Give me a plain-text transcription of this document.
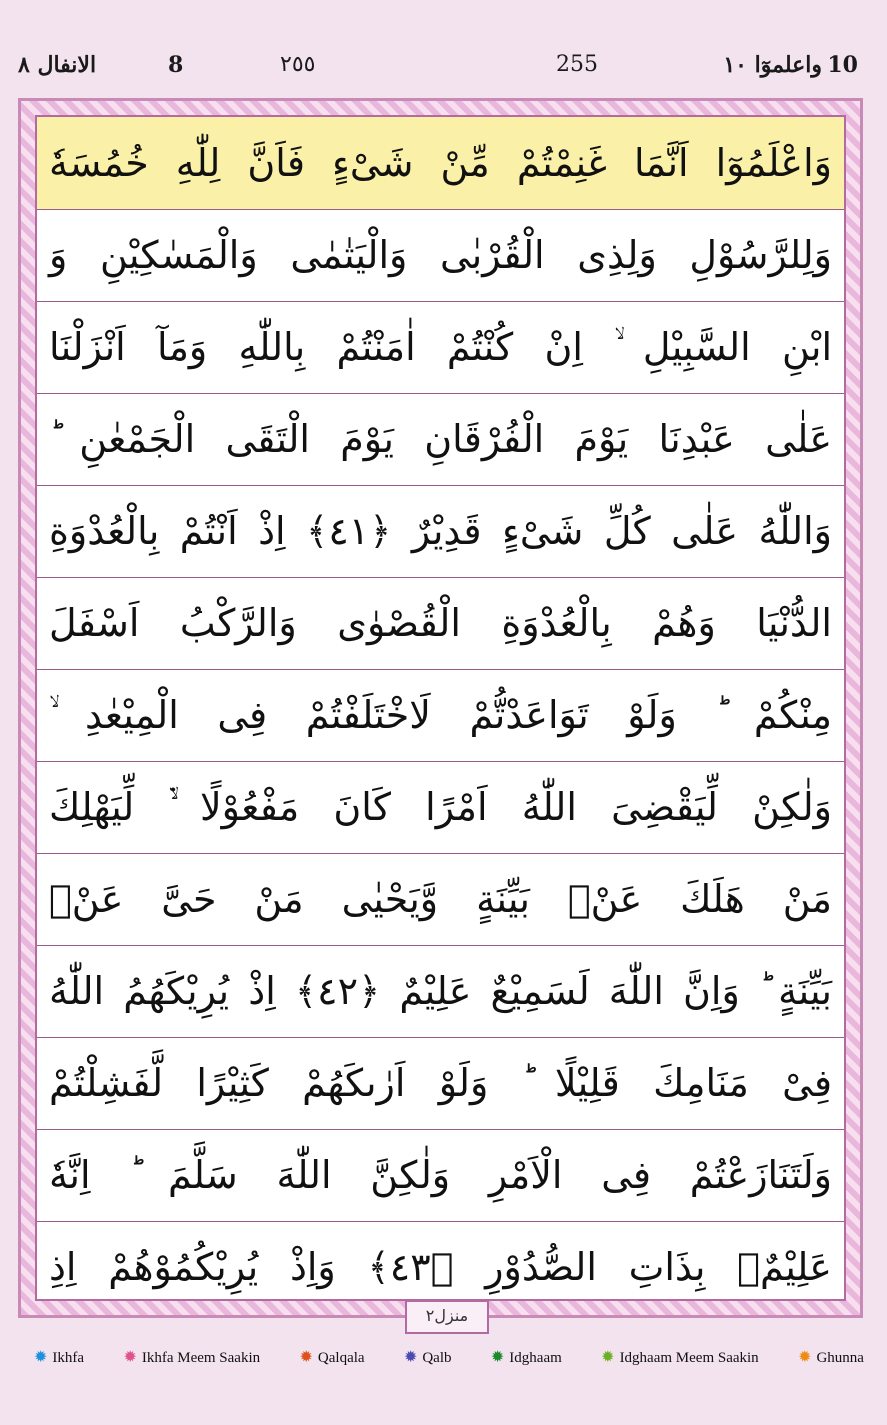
الانفال ٨	8	٢٥٥	255	واعلموٓا ١٠ 10
وَاعْلَمُوٓا اَنَّمَا غَنِمْتُمْ مِّنْ شَیْءٍ فَاَنَّ لِلّٰهِ خُمُسَهٗ
وَلِلرَّسُوْلِ وَلِذِی الْقُرْبٰی وَالْیَتٰمٰی وَالْمَسٰكِیْنِ وَ
ابْنِ السَّبِیْلِ ۙ اِنْ كُنْتُمْ اٰمَنْتُمْ بِاللّٰهِ وَمَآ اَنْزَلْنَا
عَلٰی عَبْدِنَا یَوْمَ الْفُرْقَانِ یَوْمَ الْتَقَی الْجَمْعٰنِ ؕ
وَاللّٰهُ عَلٰی كُلِّ شَیْءٍ قَدِیْرٌ ﴿٤١﴾ اِذْ اَنْتُمْ بِالْعُدْوَةِ
الدُّنْیَا وَهُمْ بِالْعُدْوَةِ الْقُصْوٰی وَالرَّكْبُ اَسْفَلَ
مِنْكُمْ ؕ وَلَوْ تَوَاعَدْتُّمْ لَاخْتَلَفْتُمْ فِی الْمِیْعٰدِ ۙ
وَلٰكِنْ لِّیَقْضِیَ اللّٰهُ اَمْرًا كَانَ مَفْعُوْلًا ۙ۬ لِّیَهْلِكَ
مَنْ هَلَكَ عَنْۢ بَیِّنَةٍ وَّیَحْیٰی مَنْ حَیَّ عَنْۢ
بَیِّنَةٍ ؕ وَاِنَّ اللّٰهَ لَسَمِیْعٌ عَلِیْمٌ ﴿٤٢﴾ اِذْ یُرِیْكَهُمُ اللّٰهُ
فِیْ مَنَامِكَ قَلِیْلًا ؕ وَلَوْ اَرٰىكَهُمْ كَثِیْرًا لَّفَشِلْتُمْ
وَلَتَنَازَعْتُمْ فِی الْاَمْرِ وَلٰكِنَّ اللّٰهَ سَلَّمَ ؕ اِنَّهٗ
عَلِیْمٌۢ بِذَاتِ الصُّدُوْرِ ﴿٤٣﴾ وَاِذْ یُرِیْكُمُوْهُمْ اِذِ
منزل٢
✹ Ikhfa ✹ Ikhfa Meem Saakin ✹ Qalqala ✹ Qalb ✹ Idghaam ✹ Idghaam Meem Saakin ✹ Ghunna
